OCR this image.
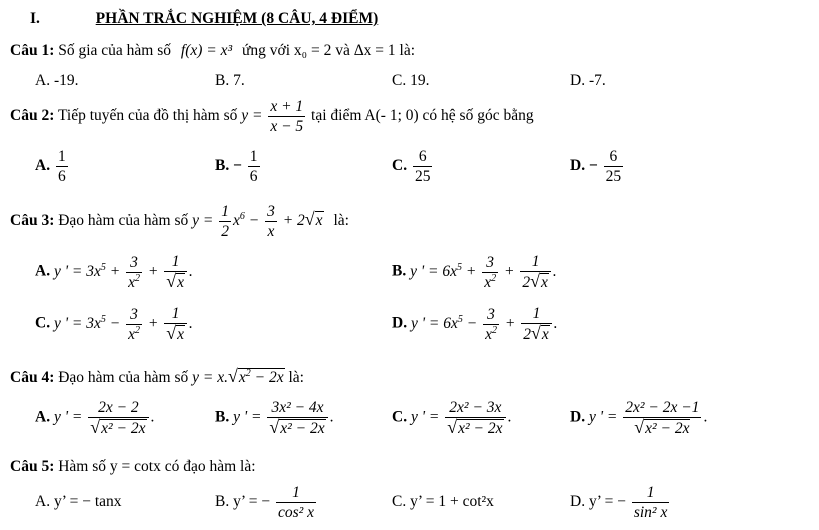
I.	PHẦN TRẮC NGHIỆM (8 CÂU, 4 ĐIỂM)
Câu 1: Số gia của hàm số f(x) = x³ ứng với x₀ = 2 và Δx = 1 là:
A. -19.	B. 7.	C. 19.	D. -7.
Câu 2: Tiếp tuyến của đồ thị hàm số $y = \frac{x + 1}{x - 5}$ tại điểm A(- 1; 0) có hệ số góc bằng
A. $\frac{1}{6}$	B. − $\frac{1}{6}$	C. $\frac{6}{25}$	D. − $\frac{6}{25}$
Câu 3: Đạo hàm của hàm số $y = \frac{1}{2} x^6 - \frac{3}{x} + 2√x$ là:
A. y ' = $3x^5 + \frac{3}{x^2} + \frac{1}{√x}$ .	B. y ' = $6x^5 + \frac{3}{x^2} + \frac{1}{2√x}$ .
C. y ' = $3x^5 - \frac{3}{x^2} + \frac{1}{√x}$ .	D. y ' = $6x^5 - \frac{3}{x^2} + \frac{1}{2√x}$ .
Câu 4: Đạo hàm của hàm số $y = x.√x^2 - 2x$ là:
A. y ' = $\frac{2x - 2}{\text{√x² − 2x}}$ .	B. y ' = $\frac{\text{3x² − 4x}}{\text{√x² − 2x}}$ .	C. y ' = $\frac{\text{2x² − 3x}}{\text{√x² − 2x}}$ .	D. y ' = $\frac{\text{2x² − 2x −1}}{\text{√x² − 2x}}$ .
Câu 5: Hàm số y = cotx có đạo hàm là:
A. y’ = − tanx	B. y’ = − $\frac{1}{\text{cos² x}}$	C. y’ = 1 + cot²x	D. y’ = − $\frac{1}{\text{sin² x}}$
